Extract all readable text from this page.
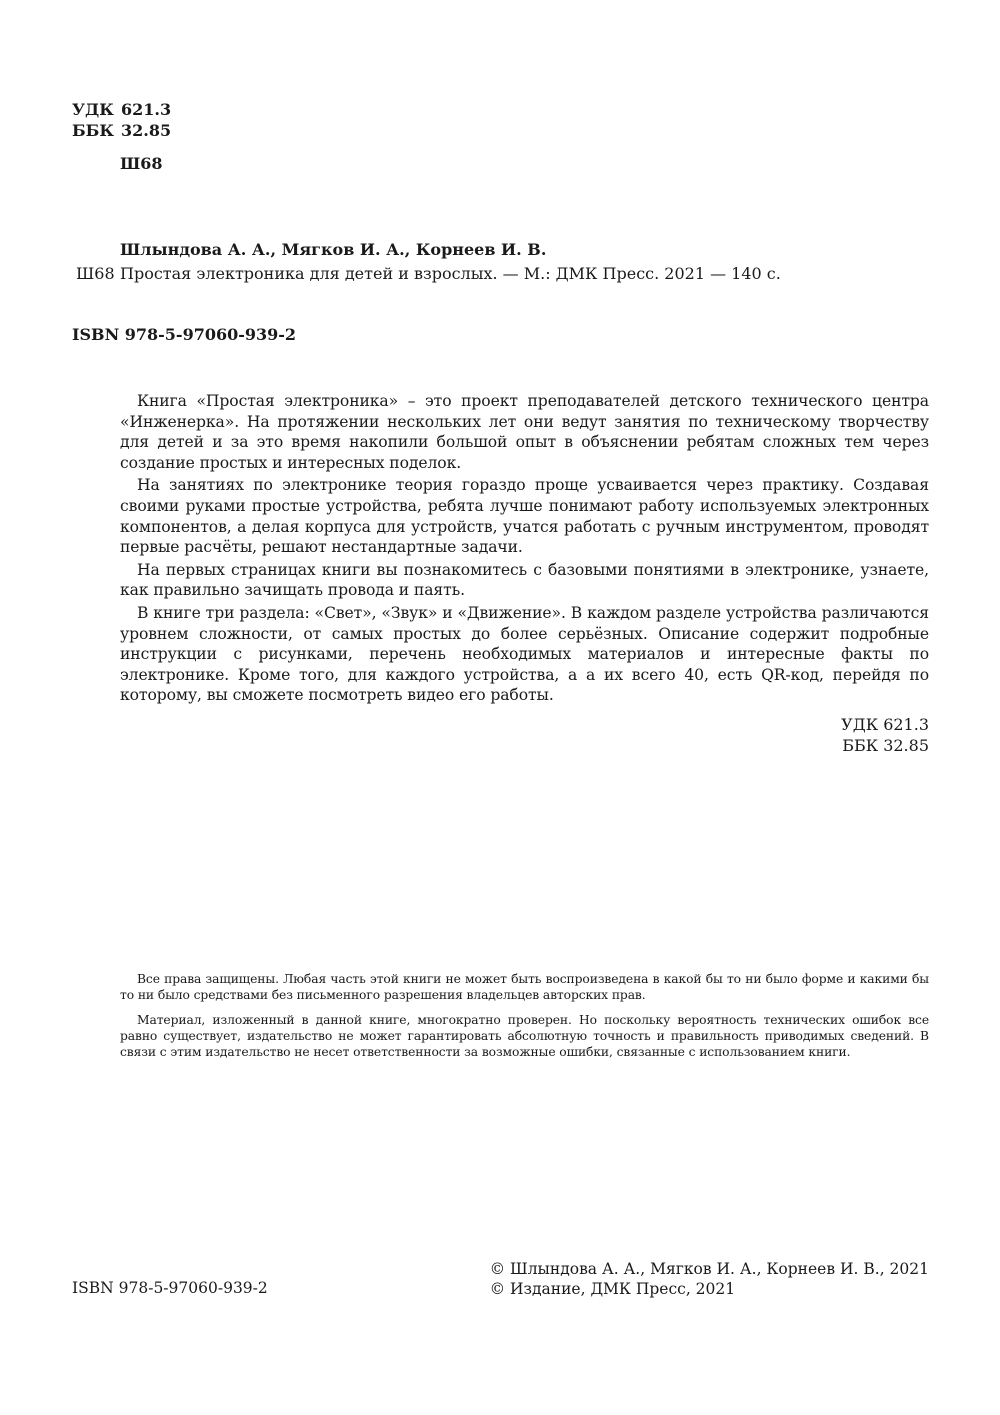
УДК 621.3
ББК 32.85
Ш68
Шлындова А. А., Мягков И. А., Корнеев И. В.
Ш68 Простая электроника для детей и взрослых. — М.: ДМК Пресс. 2021 — 140 с.
ISBN 978-5-97060-939-2

Книга «Простая электроника» – это проект преподавателей детского технического центра «Инженерка». На протяжении нескольких лет они ведут занятия по техническому творчеству для детей и за это время накопили большой опыт в объяснении ребятам сложных тем через создание простых и интересных поделок.

На занятиях по электронике теория гораздо проще усваивается через практику. Создавая своими руками простые устройства, ребята лучше понимают работу используемых электронных компонентов, а делая корпуса для устройств, учатся работать с ручным инструментом, проводят первые расчёты, решают нестандартные задачи.

На первых страницах книги вы познакомитесь с базовыми понятиями в электронике, узнаете, как правильно зачищать провода и паять.

В книге три раздела: «Свет», «Звук» и «Движение». В каждом разделе устройства различаются уровнем сложности, от самых простых до более серьёзных. Описание содержит подробные инструкции с рисунками, перечень необходимых материалов и интересные факты по электронике. Кроме того, для каждого устройства, а а их всего 40, есть QR-код, перейдя по которому, вы сможете посмотреть видео его работы.

УДК 621.3
ББК 32.85

Все права защищены. Любая часть этой книги не может быть воспроизведена в какой бы то ни было форме и какими бы то ни было средствами без письменного разрешения владельцев авторских прав.

Материал, изложенный в данной книге, многократно проверен. Но поскольку вероятность технических ошибок все равно существует, издательство не может гарантировать абсолютную точность и правильность приводимых сведений. В связи с этим издательство не несет ответственности за возможные ошибки, связанные с использованием книги.

ISBN 978-5-97060-939-2
© Шлындова А. А., Мягков И. А., Корнеев И. В., 2021
© Издание, ДМК Пресс, 2021
